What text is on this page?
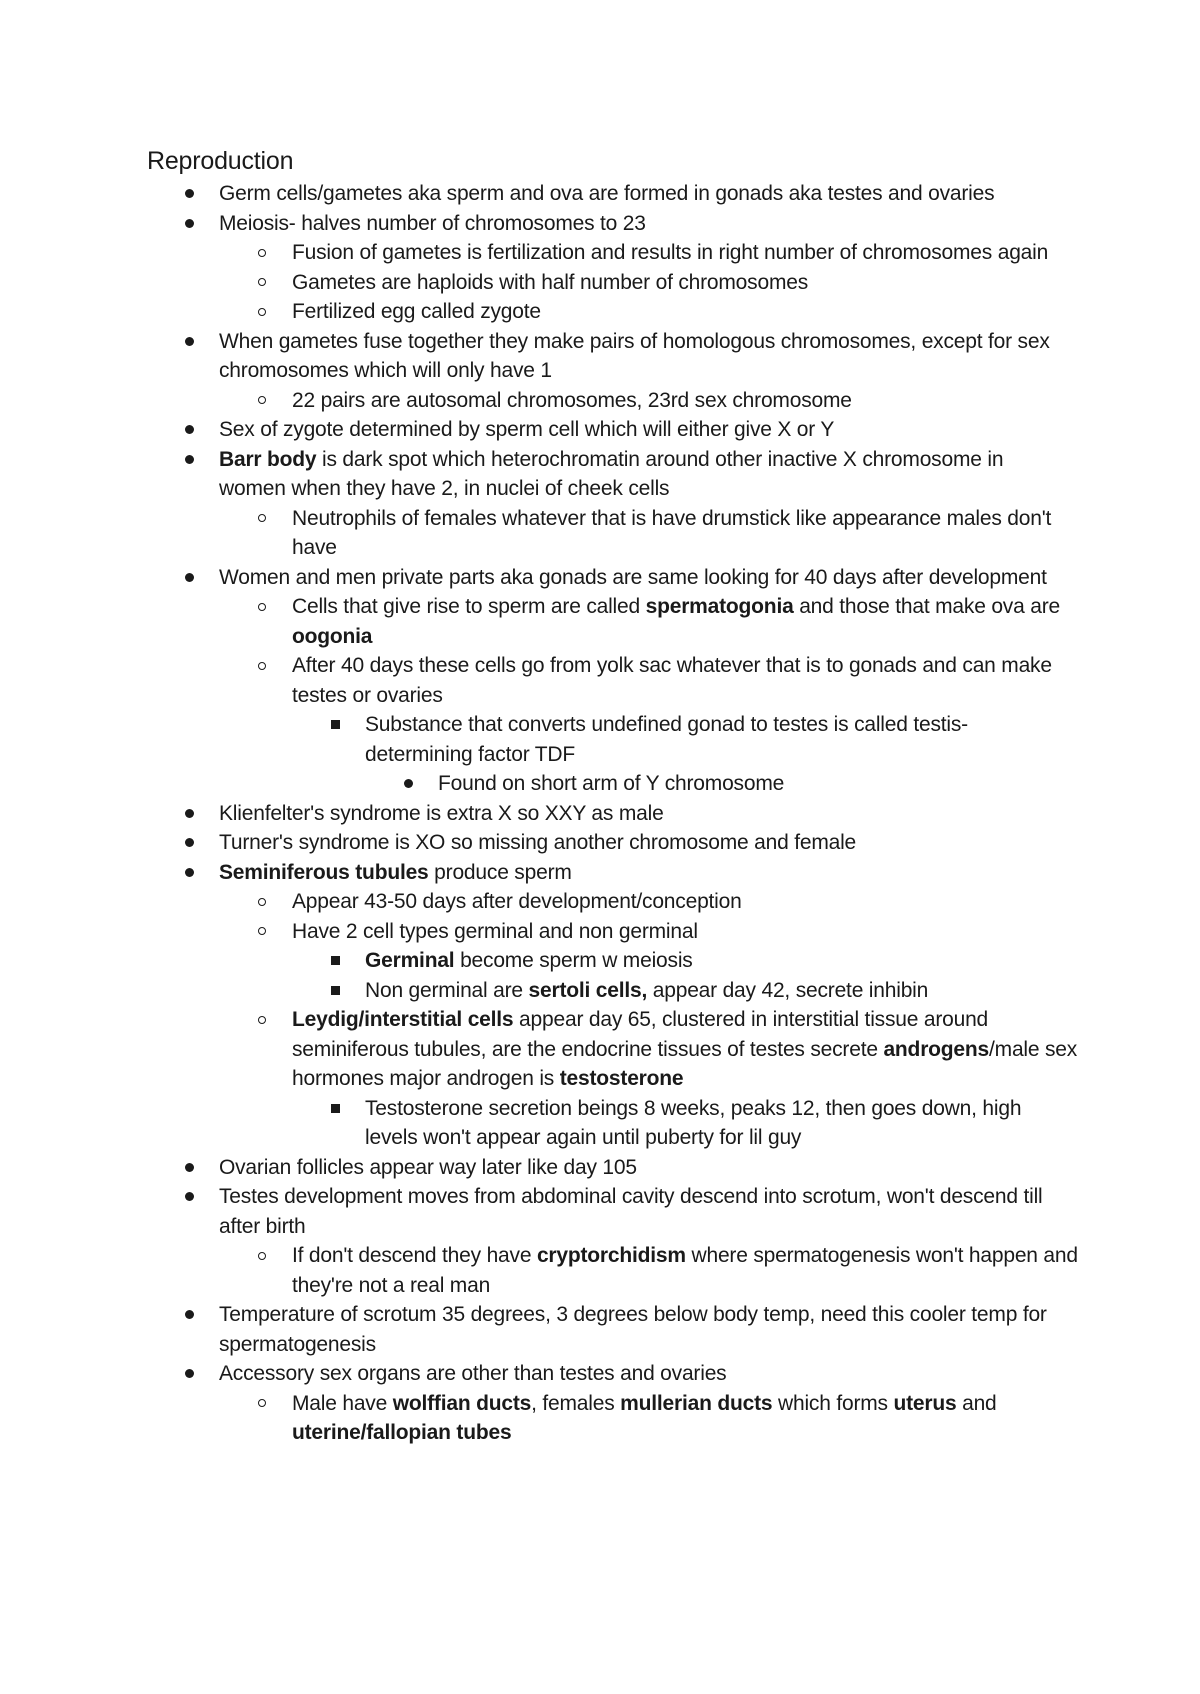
Reproduction
Germ cells/gametes aka sperm and ova are formed in gonads aka testes and ovaries
Meiosis- halves number of chromosomes to 23
Fusion of gametes is fertilization and results in right number of chromosomes again
Gametes are haploids with half number of chromosomes
Fertilized egg called zygote
When gametes fuse together they make pairs of homologous chromosomes, except for sex chromosomes which will only have 1
22 pairs are autosomal chromosomes, 23rd sex chromosome
Sex of zygote determined by sperm cell which will either give X or Y
Barr body is dark spot which heterochromatin around other inactive X chromosome in women when they have 2, in nuclei of cheek cells
Neutrophils of females whatever that is have drumstick like appearance males don't have
Women and men private parts aka gonads are same looking for 40 days after development
Cells that give rise to sperm are called spermatogonia and those that make ova are oogonia
After 40 days these cells go from yolk sac whatever that is to gonads and can make testes or ovaries
Substance that converts undefined gonad to testes is called testis-determining factor TDF
Found on short arm of Y chromosome
Klienfelter's syndrome is extra X so XXY as male
Turner's syndrome is XO so missing another chromosome and female
Seminiferous tubules produce sperm
Appear 43-50 days after development/conception
Have 2 cell types germinal and non germinal
Germinal become sperm w meiosis
Non germinal are sertoli cells, appear day 42, secrete inhibin
Leydig/interstitial cells appear day 65, clustered in interstitial tissue around seminiferous tubules, are the endocrine tissues of testes secrete androgens/male sex hormones major androgen is testosterone
Testosterone secretion beings 8 weeks, peaks 12, then goes down, high levels won't appear again until puberty for lil guy
Ovarian follicles appear way later like day 105
Testes development moves from abdominal cavity descend into scrotum, won't descend till after birth
If don't descend they have cryptorchidism where spermatogenesis won't happen and they're not a real man
Temperature of scrotum 35 degrees, 3 degrees below body temp, need this cooler temp for spermatogenesis
Accessory sex organs are other than testes and ovaries
Male have wolffian ducts, females mullerian ducts which forms uterus and uterine/fallopian tubes
